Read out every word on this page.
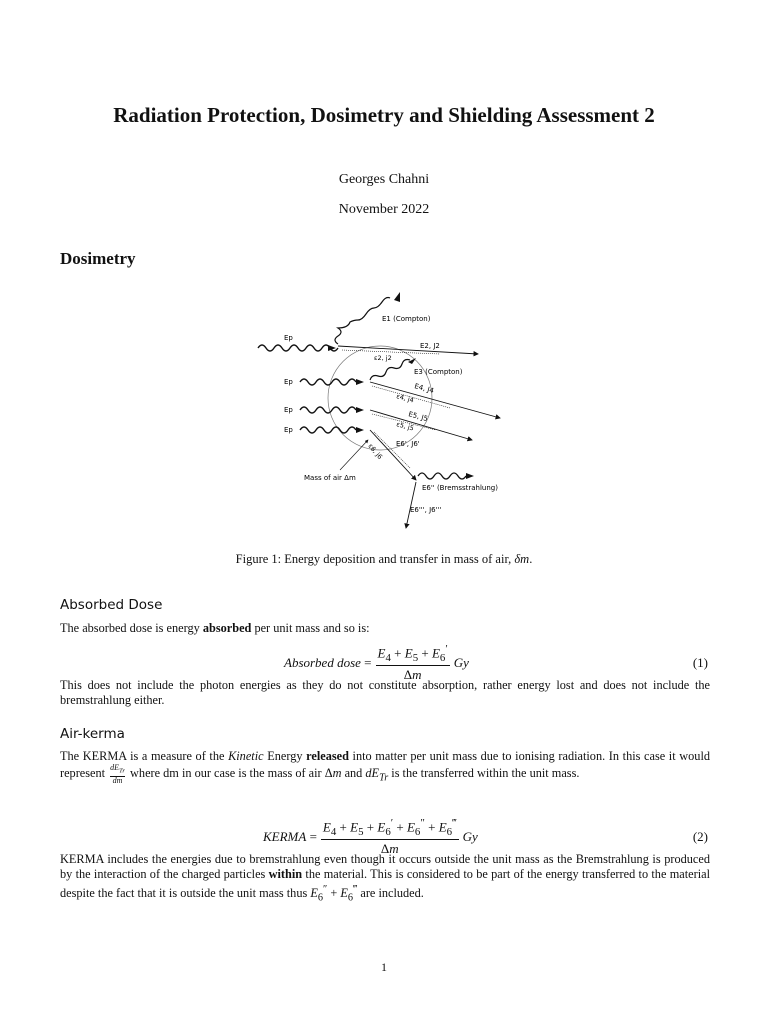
Radiation Protection, Dosimetry and Shielding Assessment 2
Georges Chahni
November 2022
Dosimetry
Ep
Ep
Ep
Ep
E1 (Compton)
E2, J2
ε2, j2
E3 (Compton)
E4, J4
ε4, j4
E5, J5
ε5, j5
E6', J6'
ε6, j6
Mass of air Δm
E6'' (Bremsstrahlung)
E6''', J6'''
Figure 1: Energy deposition and transfer in mass of air, δm.
Absorbed Dose
The absorbed dose is energy absorbed per unit mass and so is:
Absorbed dose = $\frac{E_4 + E_5 + E_6'}{\Delta m}$ Gy	(1)
This does not include the photon energies as they do not constitute absorption, rather energy lost and does not include the bremstrahlung either.
Air-kerma
The KERMA is a measure of the Kinetic Energy released into matter per unit mass due to ionising radiation. In this case it would represent $\frac{dE_{Tr}}{dm}$ where dm in our case is the mass of air Δm and $dE_{Tr}$ is the transferred within the unit mass.
KERMA = $\frac{E_4 + E_5 + E_6' + E_6'' + E_6^‴}{\Delta m}$ Gy	(2)
KERMA includes the energies due to bremstrahlung even though it occurs outside the unit mass as the Bremstrahlung is produced by the interaction of the charged particles within the material. This is considered to be part of the energy transferred to the material despite the fact that it is outside the unit mass thus $E_6'' + E_6^‴$ are included.
1
